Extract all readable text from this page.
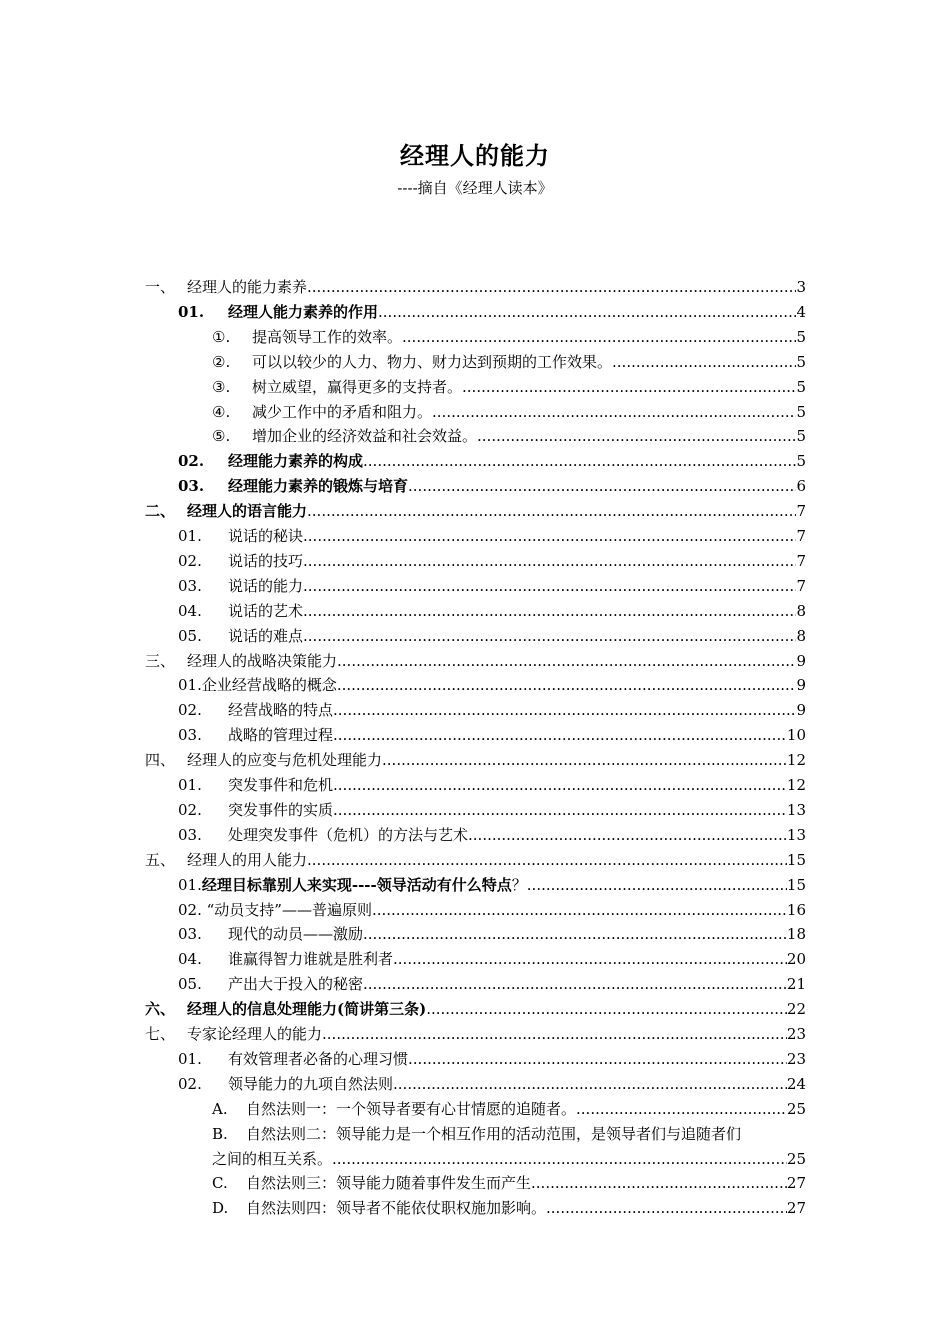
经理人的能力
----摘自《经理人读本》
一、 经理人的能力素养 .....	3
01.	经理人能力素养的作用 .....	4
①.	提高领导工作的效率。 .....	5
②.	可以以较少的人力、物力、财力达到预期的工作效果。 .....	5
③.	树立威望，赢得更多的支持者。 .....	5
④.	减少工作中的矛盾和阻力。 .....	5
⑤.	增加企业的经济效益和社会效益。 .....	5
02.	经理能力素养的构成 .....	5
03.	经理能力素养的锻炼与培育 .....	6
二、 经理人的语言能力 .....	7
01.	说话的秘诀 .....	7
02.	说话的技巧 .....	7
03.	说话的能力 .....	7
04.	说话的艺术 .....	8
05.	说话的难点 .....	8
三、 经理人的战略决策能力 .....	9
01.企业经营战略的概念 .....	9
02.	经营战略的特点 .....	9
03.	战略的管理过程 .....	10
四、 经理人的应变与危机处理能力 .....	12
01.	突发事件和危机 .....	12
02.	突发事件的实质 .....	13
03.	处理突发事件（危机）的方法与艺术 .....	13
五、 经理人的用人能力 .....	15
01.经理目标靠别人来实现----领导活动有什么特点？ .....	15
02. “动员支持”——普遍原则 .....	16
03.	现代的动员——激励 .....	18
04.	谁赢得智力谁就是胜利者 .....	20
05.	产出大于投入的秘密 .....	21
六、 经理人的信息处理能力(简讲第三条) .....	22
七、 专家论经理人的能力 .....	23
01.	有效管理者必备的心理习惯 .....	23
02.	领导能力的九项自然法则 .....	24
A.	自然法则一：一个领导者要有心甘情愿的追随者。 .....	25
B.	自然法则二：领导能力是一个相互作用的活动范围，是领导者们与追随者们
之间的相互关系。 .....	25
C.	自然法则三：领导能力随着事件发生而产生 .....	27
D.	自然法则四：领导者不能依仗职权施加影响。 .....	27
